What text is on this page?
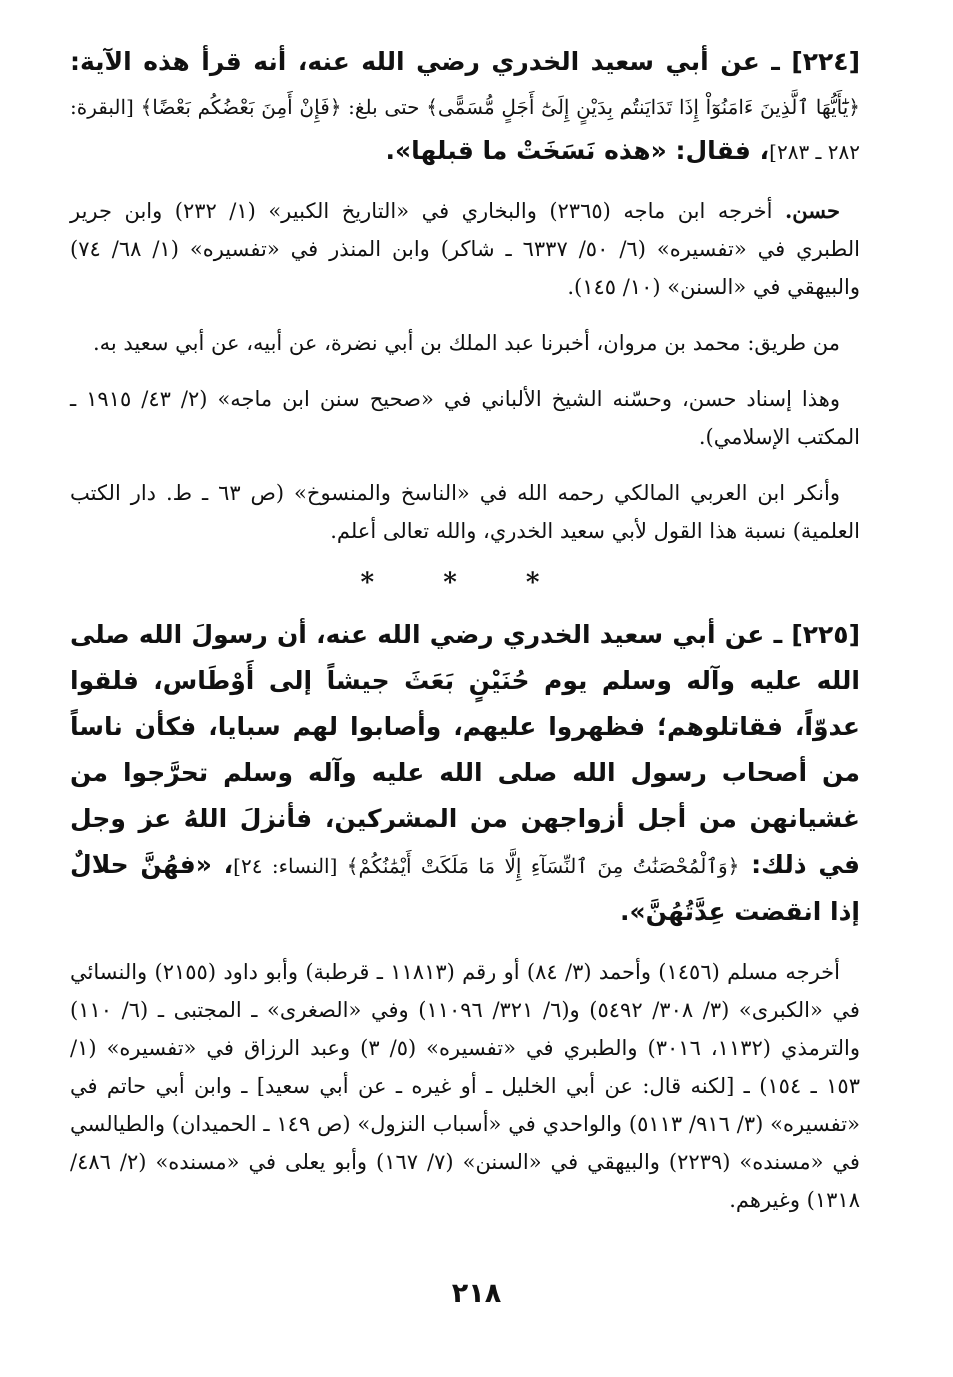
[٢٢٤] ـ عن أبي سعيد الخدري رضي الله عنه، أنه قرأ هذه الآية: ﴿يَٰٓأَيُّهَا ٱلَّذِينَ ءَامَنُوٓاْ إِذَا تَدَايَنتُم بِدَيْنٍ إِلَىٰٓ أَجَلٍ مُّسَمًّى﴾ حتى بلغ: ﴿فَإِنْ أَمِنَ بَعْضُكُم بَعْضًا﴾ [البقرة: ٢٨٢ ـ ٢٨٣]، فقال: «هذه نَسَخَتْ ما قبلها».

حسن. أخرجه ابن ماجه (٢٣٦٥) والبخاري في «التاريخ الكبير» (١/ ٢٣٢) وابن جرير الطبري في «تفسيره» (٦/ ٥٠/ ٦٣٣٧ ـ شاكر) وابن المنذر في «تفسيره» (١/ ٦٨/ ٧٤) والبيهقي في «السنن» (١٠/ ١٤٥).

من طريق: محمد بن مروان، أخبرنا عبد الملك بن أبي نضرة، عن أبيه، عن أبي سعيد به.

وهذا إسناد حسن، وحسّنه الشيخ الألباني في «صحيح سنن ابن ماجه» (٢/ ٤٣/ ١٩١٥ ـ المكتب الإسلامي).

وأنكر ابن العربي المالكي رحمه الله في «الناسخ والمنسوخ» (ص ٦٣ ـ ط. دار الكتب العلمية) نسبة هذا القول لأبي سعيد الخدري، والله تعالى أعلم.

* * *

[٢٢٥] ـ عن أبي سعيد الخدري رضي الله عنه، أن رسولَ الله صلى الله عليه وآله وسلم يوم حُنَيْنٍ بَعَثَ جيشاً إلى أَوْطَاس، فلقوا عدوّاً، فقاتلوهم؛ فظهروا عليهم، وأصابوا لهم سبايا، فكأن ناساً من أصحاب رسول الله صلى الله عليه وآله وسلم تحرَّجوا من غشيانهن من أجل أزواجهن من المشركين، فأنزلَ اللهُ عز وجل في ذلك: ﴿وَٱلْمُحْصَنَٰتُ مِنَ ٱلنِّسَآءِ إِلَّا مَا مَلَكَتْ أَيْمَٰنُكُمْ﴾ [النساء: ٢٤]، «فهُنَّ حلالٌ إذا انقضت عِدَّتُهُنَّ».

أخرجه مسلم (١٤٥٦) وأحمد (٣/ ٨٤) أو رقم (١١٨١٣ ـ قرطبة) وأبو داود (٢١٥٥) والنسائي في «الكبرى» (٣/ ٣٠٨/ ٥٤٩٢) و(٦/ ٣٢١/ ١١٠٩٦) وفي «الصغرى» ـ المجتبى ـ (٦/ ١١٠) والترمذي (١١٣٢، ٣٠١٦) والطبري في «تفسيره» (٥/ ٣) وعبد الرزاق في «تفسيره» (١/ ١٥٣ ـ ١٥٤) ـ [لكنه قال: عن أبي الخليل ـ أو غيره ـ عن أبي سعيد] ـ وابن أبي حاتم في «تفسيره» (٣/ ٩١٦/ ٥١١٣) والواحدي في «أسباب النزول» (ص ١٤٩ ـ الحميدان) والطيالسي في «مسنده» (٢٢٣٩) والبيهقي في «السنن» (٧/ ١٦٧) وأبو يعلى في «مسنده» (٢/ ٤٨٦/ ١٣١٨) وغيرهم.

٢١٨
